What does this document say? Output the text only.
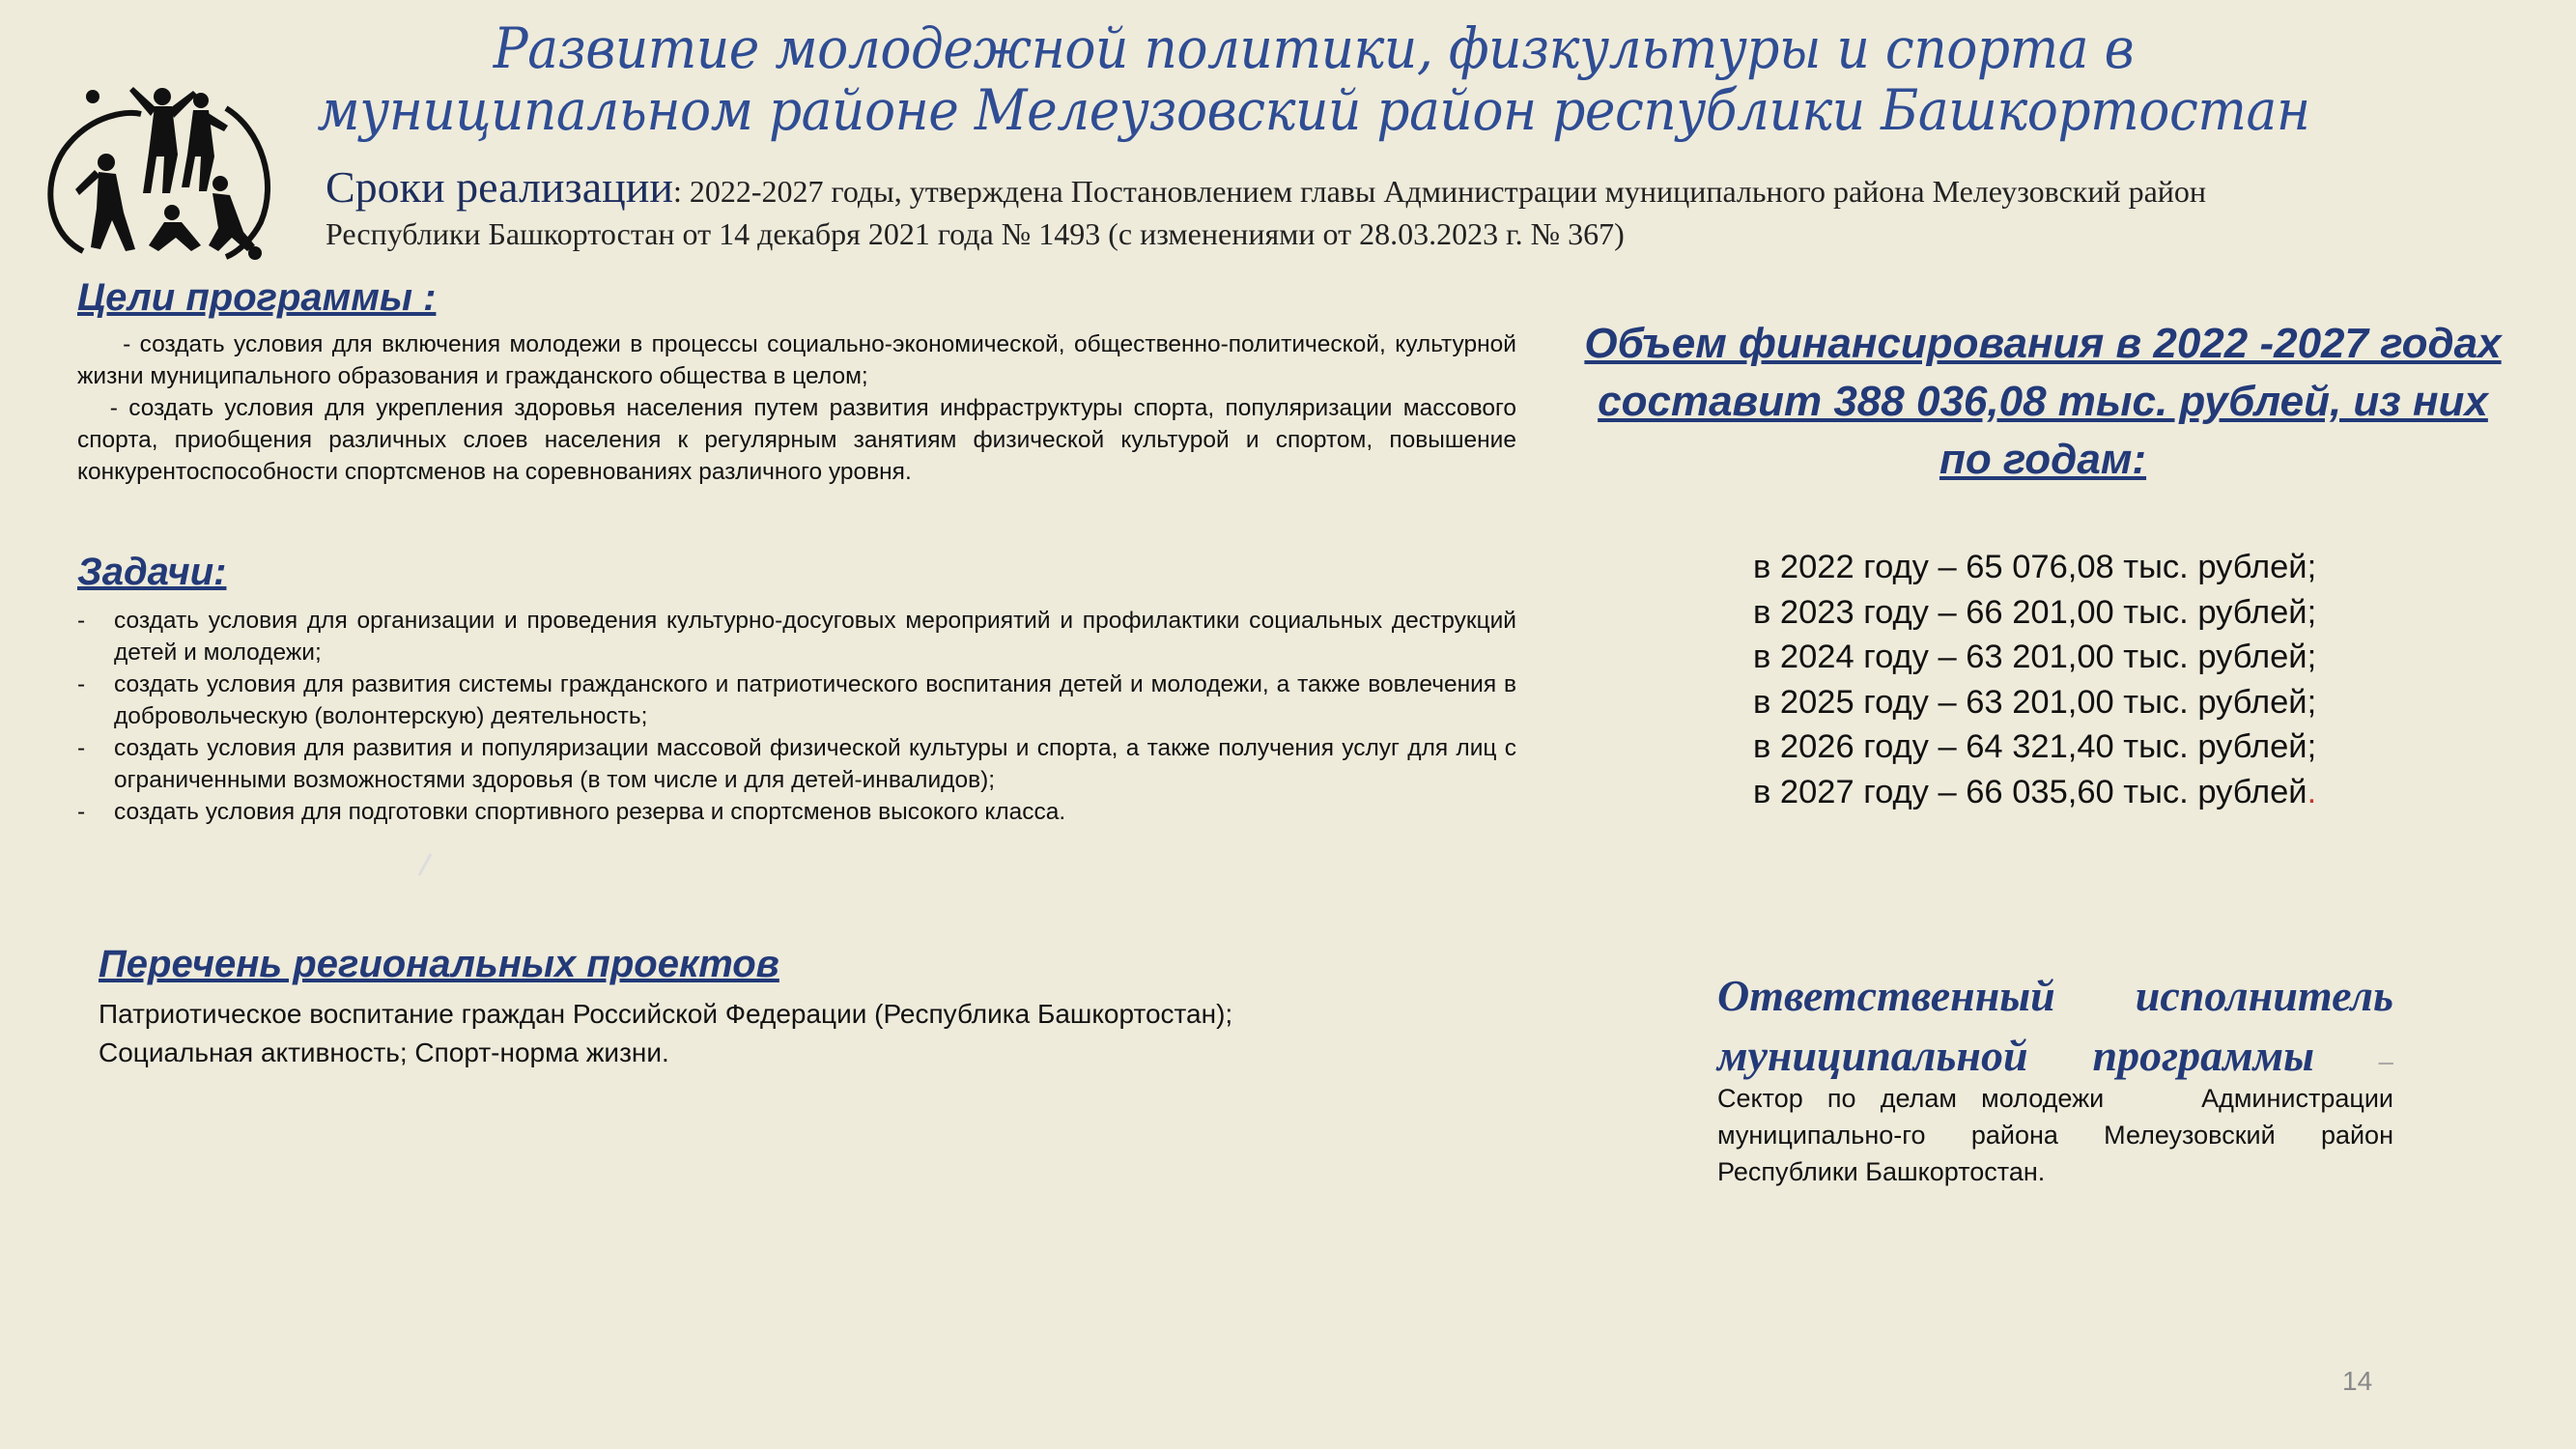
Развитие молодежной политики, физкультуры и спорта в муниципальном районе Мелеузовский район республики Башкортостан
Сроки реализации: 2022-2027 годы, утверждена Постановлением главы Администрации муниципального района Мелеузовский район
Республики Башкортостан от 14 декабря 2021 года № 1493 (с изменениями от 28.03.2023 г. № 367)
Цели программы :

- создать условия для включения молодежи в процессы социально-экономической, общественно-политической, культурной жизни муниципального образования и гражданского общества в целом;

- создать условия для укрепления здоровья населения путем развития инфраструктуры спорта, популяризации массового спорта, приобщения различных слоев населения к регулярным занятиям физической культурой и спортом, повышение конкурентоспособности спортсменов на соревнованиях различного уровня.

Задачи:
- создать условия для организации и проведения культурно-досуговых мероприятий и профилактики социальных деструкций детей и молодежи;
- создать условия для развития системы гражданского и патриотического воспитания детей и молодежи, а также вовлечения в добровольческую (волонтерскую) деятельность;
- создать условия для развития и популяризации массовой физической культуры и спорта, а также получения услуг для лиц с ограниченными возможностями здоровья (в том числе и для детей-инвалидов);
- создать условия для подготовки спортивного резерва и спортсменов высокого класса.
Перечень региональных проектов
Патриотическое воспитание граждан Российской Федерации (Республика Башкортостан);
Социальная активность; Спорт-норма жизни.
Объем финансирования в 2022 -2027 годах составит 388 036,08 тыс. рублей, из них по годам:
в 2022 году – 65 076,08 тыс. рублей;
в 2023 году – 66 201,00 тыс. рублей;
в 2024 году – 63 201,00 тыс. рублей;
в 2025 году – 63 201,00 тыс. рублей;
в 2026 году – 64 321,40 тыс. рублей;
в 2027 году – 66 035,60 тыс. рублей.
Ответственный исполнитель муниципальной программы –
Сектор по делам молодежи    Администрации муниципально-го района Мелеузовский район Республики Башкортостан.
14
